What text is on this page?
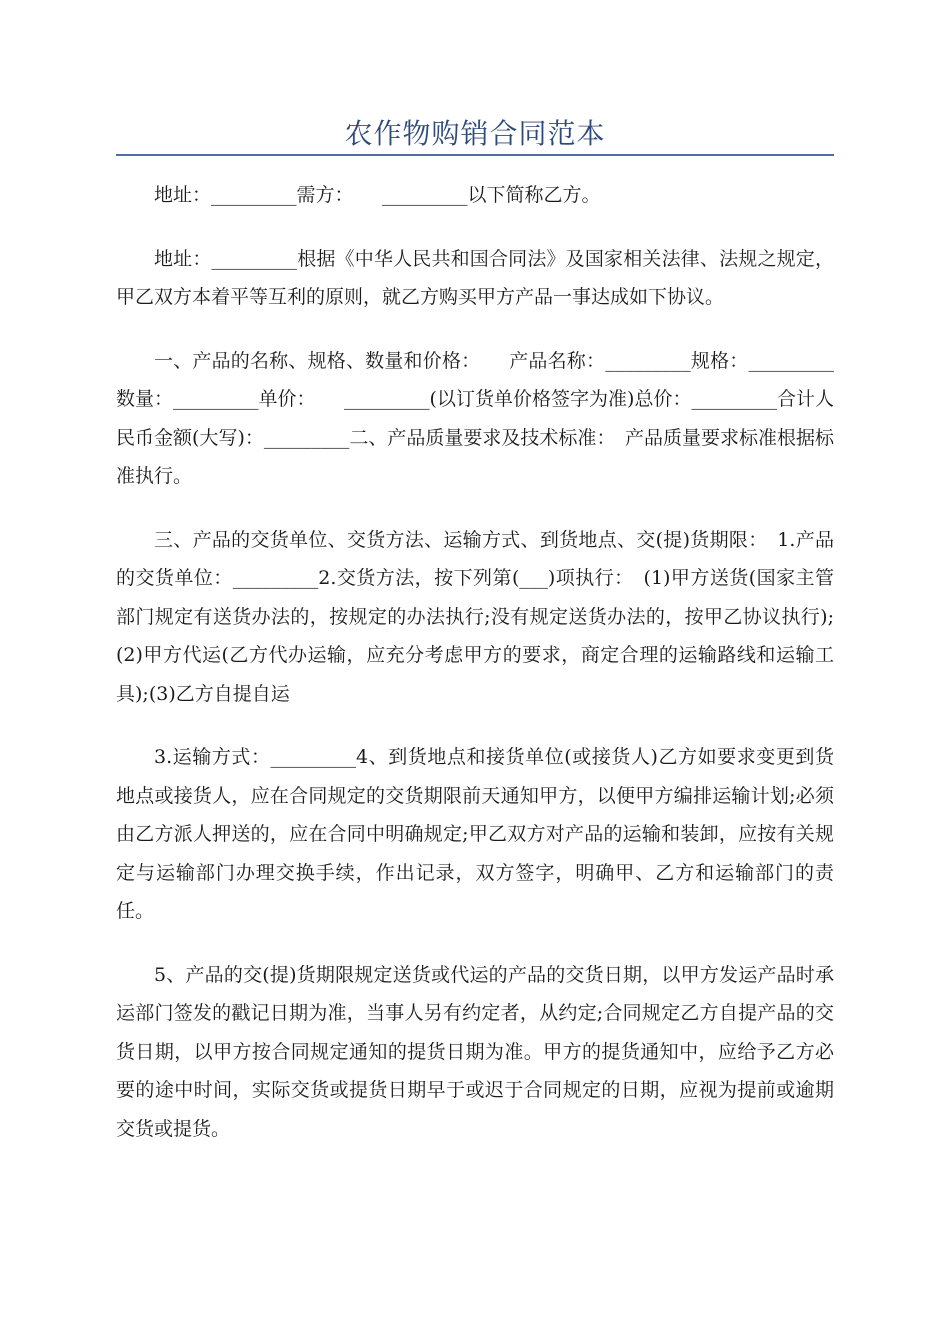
农作物购销合同范本

地址：_________需方：　　_________以下简称乙方。

地址：_________根据《中华人民共和国合同法》及国家相关法律、法规之规定，甲乙双方本着平等互利的原则，就乙方购买甲方产品一事达成如下协议。

一、产品的名称、规格、数量和价格：　　产品名称：_________规格：_________数量：_________单价：　　_________(以订货单价格签字为准)总价：_________合计人民币金额(大写)：_________二、产品质量要求及技术标准：　产品质量要求标准根据标准执行。

三、产品的交货单位、交货方法、运输方式、到货地点、交(提)货期限：　1.产品的交货单位：_________2.交货方法，按下列第(___)项执行：　(1)甲方送货(国家主管部门规定有送货办法的，按规定的办法执行;没有规定送货办法的，按甲乙协议执行);(2)甲方代运(乙方代办运输，应充分考虑甲方的要求，商定合理的运输路线和运输工具);(3)乙方自提自运

3.运输方式：_________4、到货地点和接货单位(或接货人)乙方如要求变更到货地点或接货人，应在合同规定的交货期限前天通知甲方，以便甲方编排运输计划;必须由乙方派人押送的，应在合同中明确规定;甲乙双方对产品的运输和装卸，应按有关规定与运输部门办理交换手续，作出记录，双方签字，明确甲、乙方和运输部门的责任。

5、产品的交(提)货期限规定送货或代运的产品的交货日期，以甲方发运产品时承运部门签发的戳记日期为准，当事人另有约定者，从约定;合同规定乙方自提产品的交货日期，以甲方按合同规定通知的提货日期为准。甲方的提货通知中，应给予乙方必要的途中时间，实际交货或提货日期早于或迟于合同规定的日期，应视为提前或逾期交货或提货。
